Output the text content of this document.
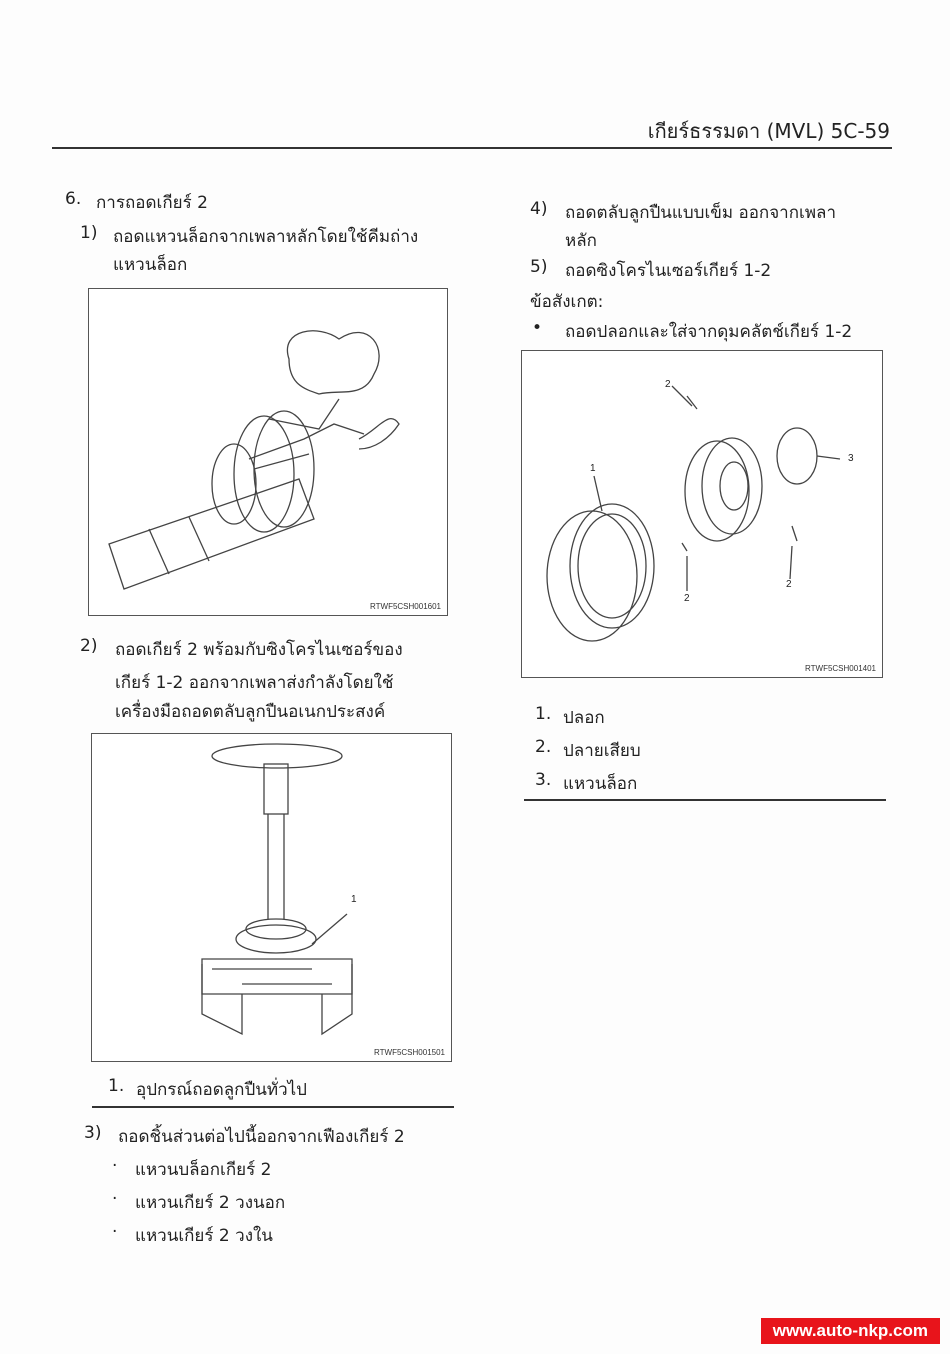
เกียร์ธรรมดา (MVL) 5C-59
6. การถอดเกียร์ 2
1) ถอดแหวนล็อกจากเพลาหลักโดยใช้คีมถ่าง
แหวนล็อก
RTWF5CSH001601
2) ถอดเกียร์ 2 พร้อมกับซิงโครไนเซอร์ของ
เกียร์ 1-2 ออกจากเพลาส่งกำลังโดยใช้
เครื่องมือถอดตลับลูกปืนอเนกประสงค์
1
RTWF5CSH001501
1. อุปกรณ์ถอดลูกปืนทั่วไป
3) ถอดชิ้นส่วนต่อไปนี้ออกจากเฟืองเกียร์ 2
· แหวนบล็อกเกียร์ 2
· แหวนเกียร์ 2 วงนอก
· แหวนเกียร์ 2 วงใน
4) ถอดตลับลูกปืนแบบเข็ม ออกจากเพลา
หลัก
5) ถอดซิงโครไนเซอร์เกียร์ 1-2
ข้อสังเกต:
• ถอดปลอกและใส่จากดุมคลัตช์เกียร์ 1-2
1
2
2
2
3
RTWF5CSH001401
1. ปลอก
2. ปลายเสียบ
3. แหวนล็อก
www.auto-nkp.com
